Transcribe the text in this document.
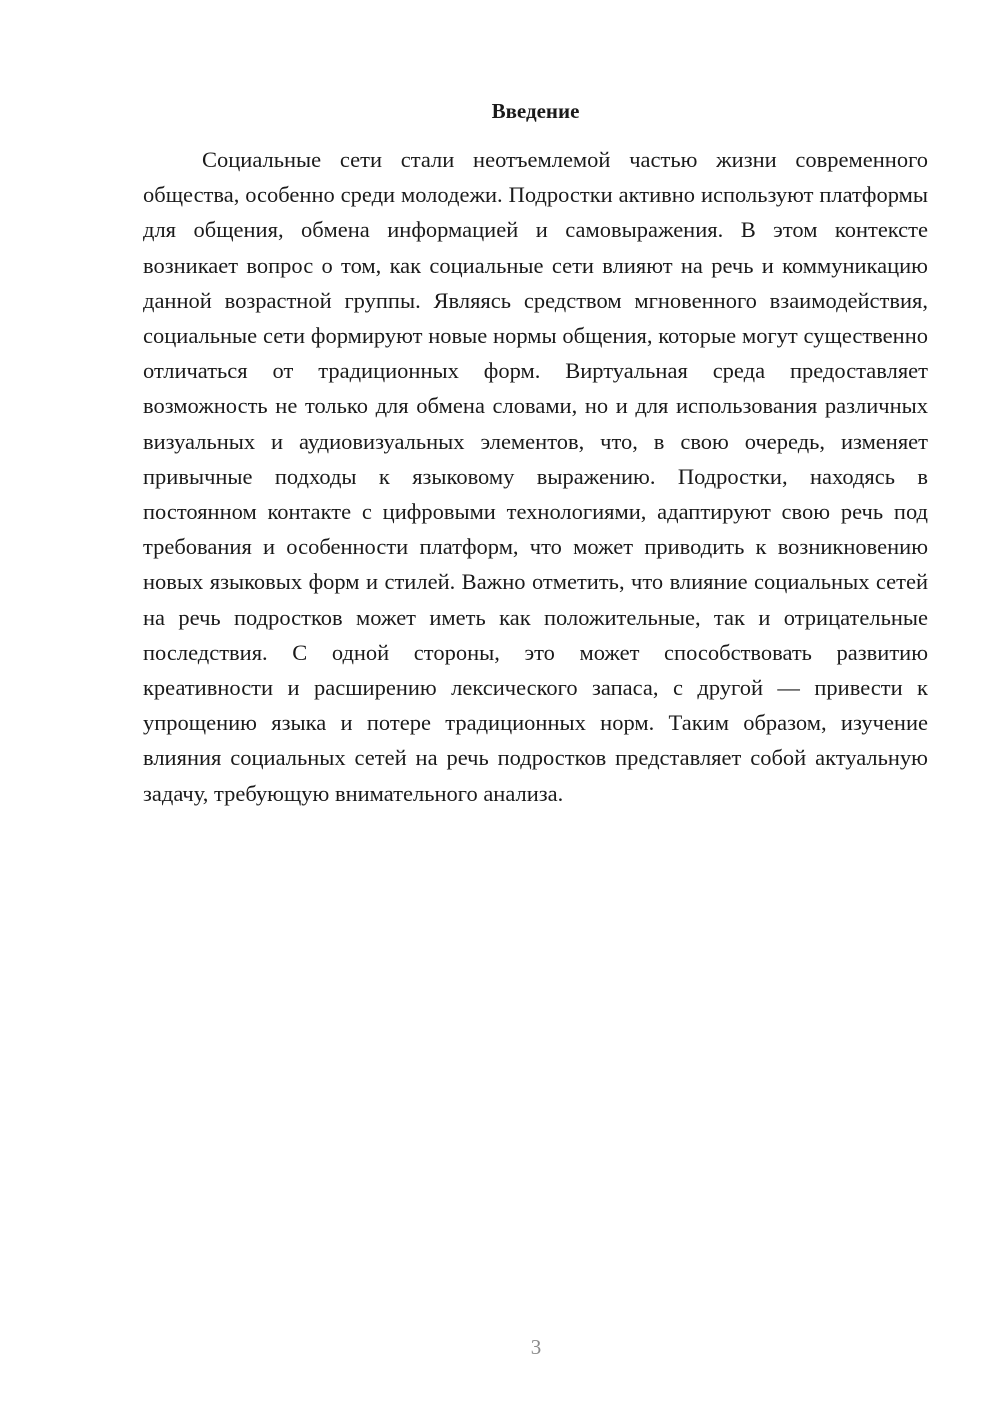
Введение

Социальные сети стали неотъемлемой частью жизни современного общества, особенно среди молодежи. Подростки активно используют платформы для общения, обмена информацией и самовыражения. В этом контексте возникает вопрос о том, как социальные сети влияют на речь и коммуникацию данной возрастной группы. Являясь средством мгновенного взаимодействия, социальные сети формируют новые нормы общения, которые могут существенно отличаться от традиционных форм. Виртуальная среда предоставляет возможность не только для обмена словами, но и для использования различных визуальных и аудиовизуальных элементов, что, в свою очередь, изменяет привычные подходы к языковому выражению. Подростки, находясь в постоянном контакте с цифровыми технологиями, адаптируют свою речь под требования и особенности платформ, что может приводить к возникновению новых языковых форм и стилей. Важно отметить, что влияние социальных сетей на речь подростков может иметь как положительные, так и отрицательные последствия. С одной стороны, это может способствовать развитию креативности и расширению лексического запаса, с другой — привести к упрощению языка и потере традиционных норм. Таким образом, изучение влияния социальных сетей на речь подростков представляет собой актуальную задачу, требующую внимательного анализа.

3
